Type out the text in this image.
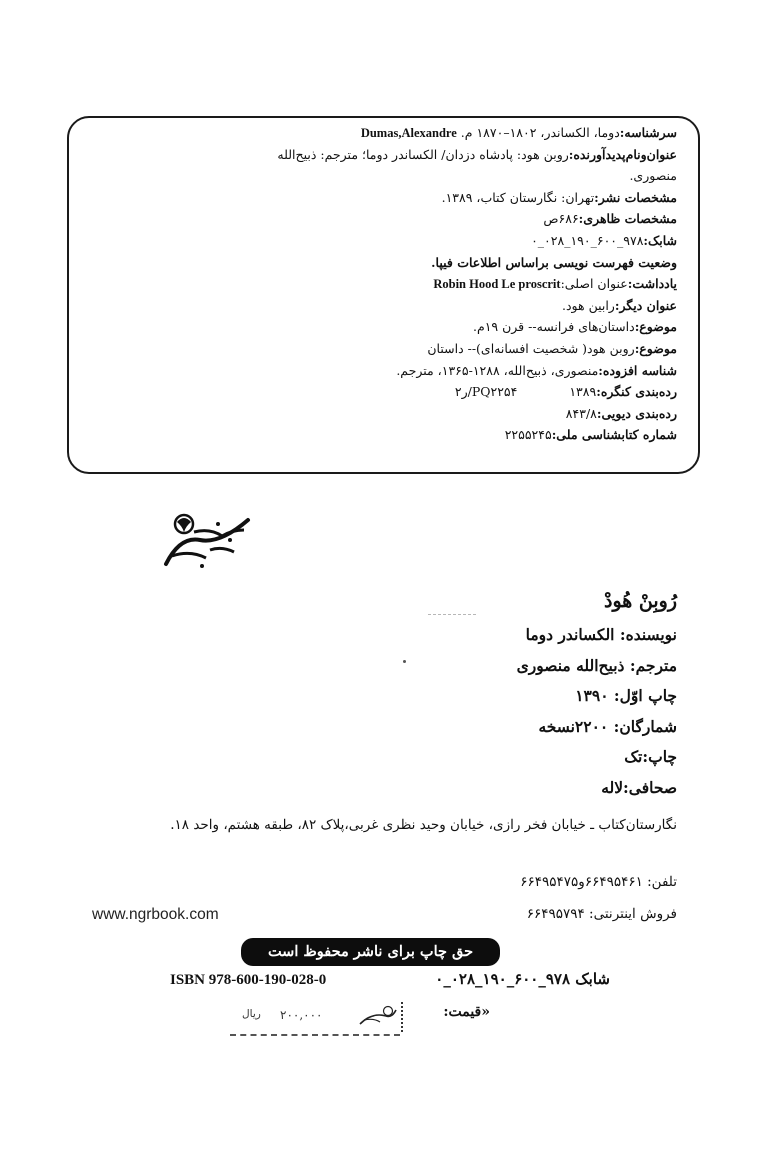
سرشناسه:دوما، الکساندر، ۱۸۰۲–۱۸۷۰ م. Dumas,Alexandre
عنوان‌ونام‌پدیدآورنده:روبن هود: پادشاه دزدان/ الکساندر دوما؛ مترجم: ذبیح‌الله
منصوری.
مشخصات نشر:تهران: نگارستان کتاب، ۱۳۸۹.
مشخصات ظاهری:۶۸۶ص
شابک:۹۷۸_۶۰۰_۱۹۰_۰۲۸_۰
وضعیت فهرست نویسی براساس اطلاعات فیپا.
یادداشت:عنوان اصلی:Robin Hood Le proscrit
عنوان دیگر:رابین هود.
موضوع:داستان‌های فرانسه-- قرن ۱۹م.
موضوع:روبن هود( شخصیت افسانه‌ای)-- داستان
شناسه افزوده:منصوری، ذبیح‌الله، ۱۲۸۸-۱۳۶۵، مترجم.
رده‌بندی کنگره:۱۳۸۹PQ۲۲۵۴/ر۲
رده‌بندی دیویی:۸۴۳/۸
شماره کتابشناسی ملی:۲۲۵۵۲۴۵
رُوبِنْ هُودْ
نویسنده: الکساندر دوما
مترجم: ذبیح‌الله منصوری
چاپ اوّل: ۱۳۹۰
شمارگان: ۲۲۰۰نسخه
چاپ:تک
صحافی:لاله
نگارستان‌کتاب ـ خیابان فخر رازی، خیابان وحید نظری غربی،پلاک ۸۲، طبقه هشتم، واحد ۱۸.
تلفن: ۶۶۴۹۵۴۶۱و۶۶۴۹۵۴۷۵
فروش اینترنتی: ۶۶۴۹۵۷۹۴
www.ngrbook.com
حق چاپ برای ناشر محفوظ است
ISBN 978-600-190-028-0	شابک ۹۷۸_۶۰۰_۱۹۰_۰۲۸_۰
«قیمت:
۲۰۰,۰۰۰
ریال
